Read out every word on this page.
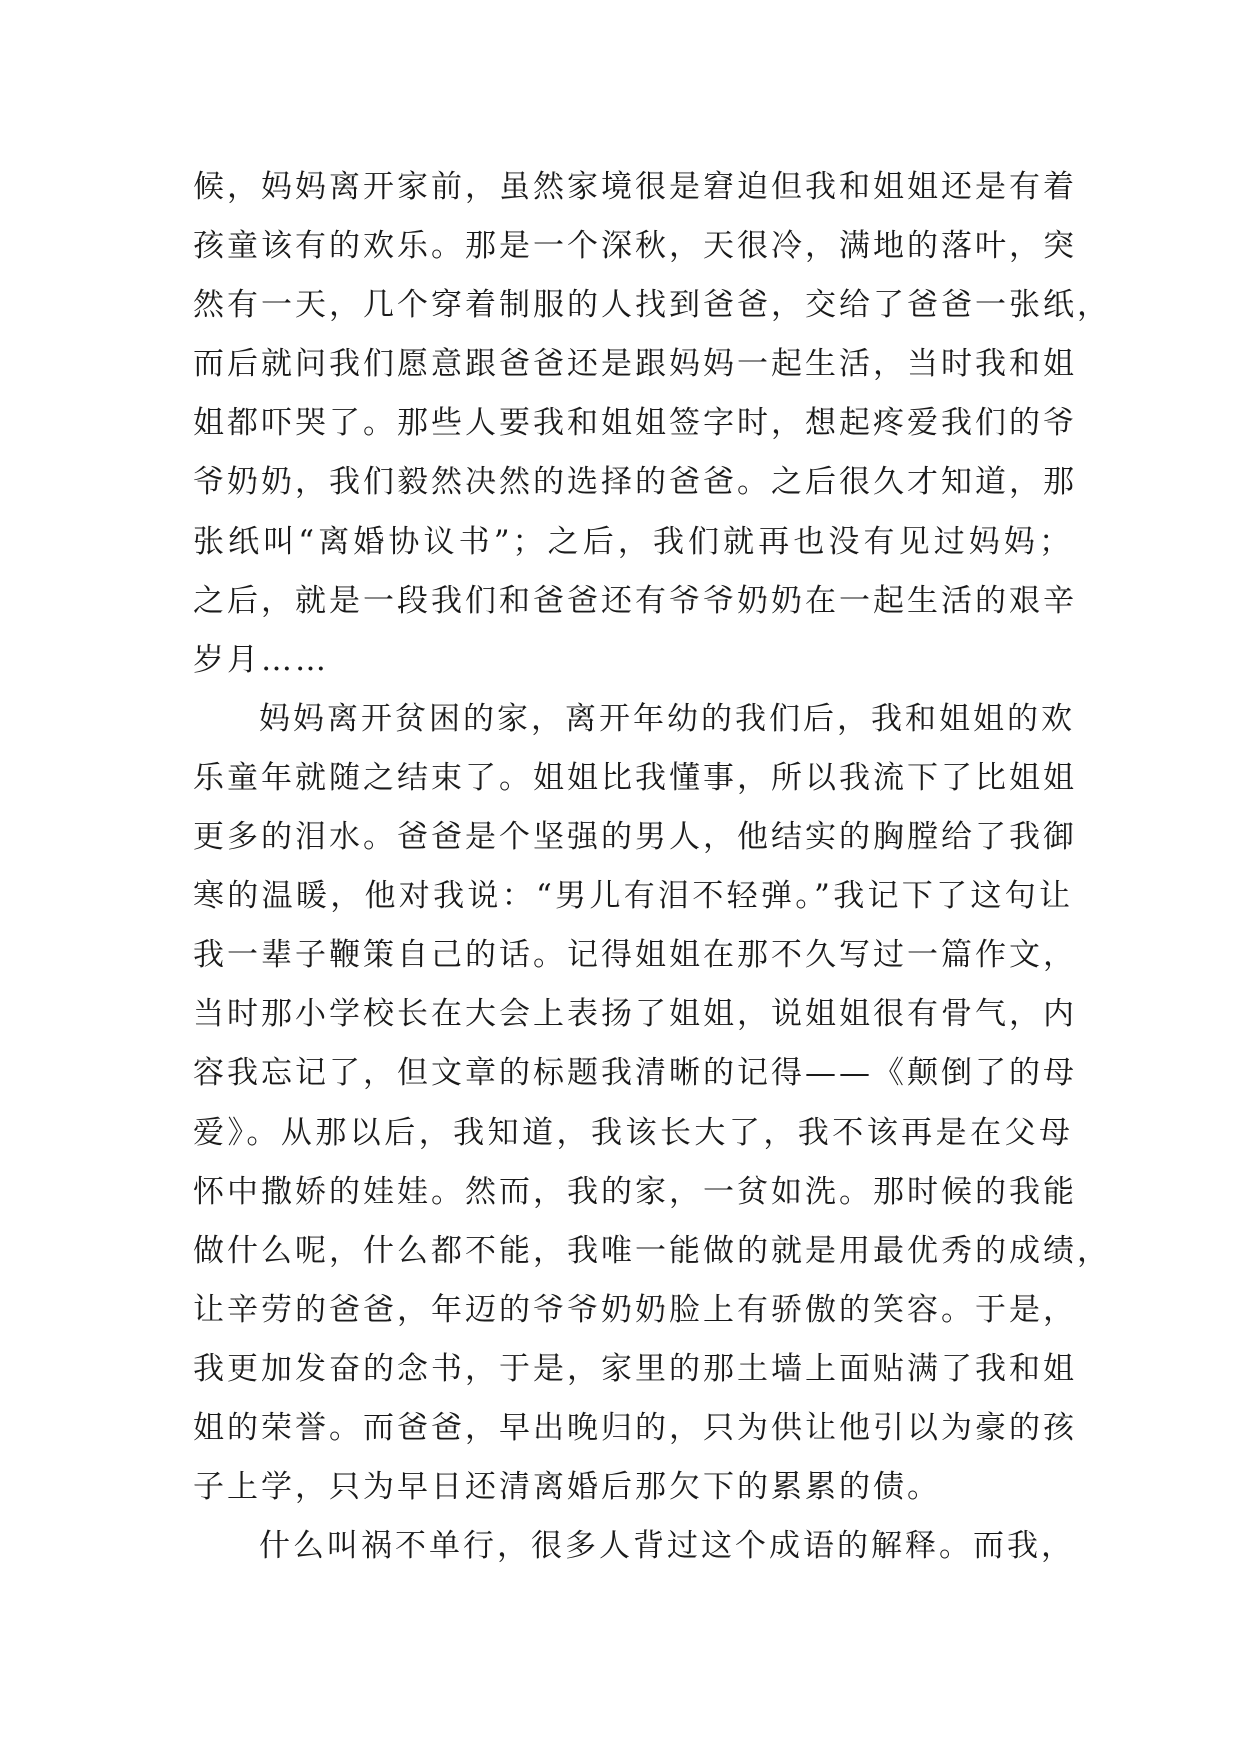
候，妈妈离开家前，虽然家境很是窘迫但我和姐姐还是有着
孩童该有的欢乐。那是一个深秋，天很冷，满地的落叶，突
然有一天，几个穿着制服的人找到爸爸，交给了爸爸一张纸，
而后就问我们愿意跟爸爸还是跟妈妈一起生活，当时我和姐
姐都吓哭了。那些人要我和姐姐签字时，想起疼爱我们的爷
爷奶奶，我们毅然决然的选择的爸爸。之后很久才知道，那
张纸叫“离婚协议书”；之后，我们就再也没有见过妈妈；
之后，就是一段我们和爸爸还有爷爷奶奶在一起生活的艰辛
岁月……
妈妈离开贫困的家，离开年幼的我们后，我和姐姐的欢
乐童年就随之结束了。姐姐比我懂事，所以我流下了比姐姐
更多的泪水。爸爸是个坚强的男人，他结实的胸膛给了我御
寒的温暖，他对我说：“男儿有泪不轻弹。”我记下了这句让
我一辈子鞭策自己的话。记得姐姐在那不久写过一篇作文，
当时那小学校长在大会上表扬了姐姐，说姐姐很有骨气，内
容我忘记了，但文章的标题我清晰的记得——《颠倒了的母
爱》。从那以后，我知道，我该长大了，我不该再是在父母
怀中撒娇的娃娃。然而，我的家，一贫如洗。那时候的我能
做什么呢，什么都不能，我唯一能做的就是用最优秀的成绩，
让辛劳的爸爸，年迈的爷爷奶奶脸上有骄傲的笑容。于是，
我更加发奋的念书，于是，家里的那土墙上面贴满了我和姐
姐的荣誉。而爸爸，早出晚归的，只为供让他引以为豪的孩
子上学，只为早日还清离婚后那欠下的累累的债。
什么叫祸不单行，很多人背过这个成语的解释。而我，
